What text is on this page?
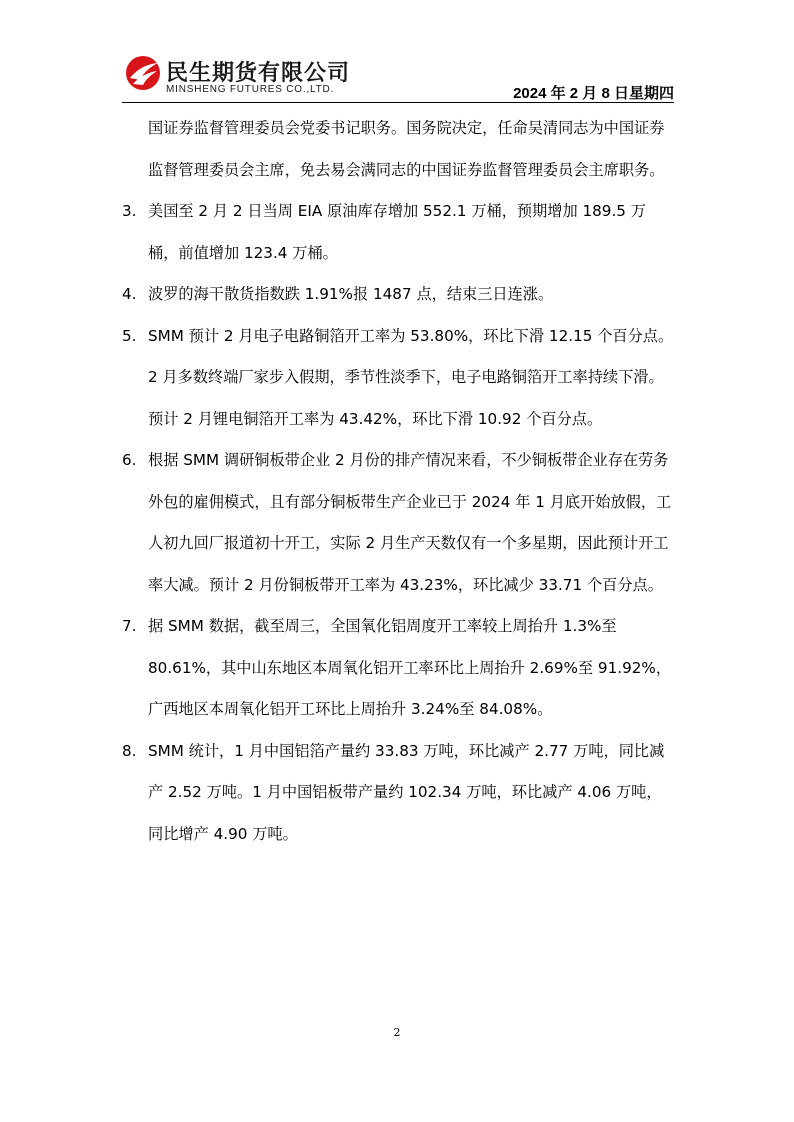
民生期货有限公司
MINSHENG FUTURES CO.,LTD.	2024 年 2 月 8 日星期四
国证券监督管理委员会党委书记职务。国务院决定，任命吴清同志为中国证券监督管理委员会主席，免去易会满同志的中国证券监督管理委员会主席职务。
3. 美国至 2 月 2 日当周 EIA 原油库存增加 552.1 万桶，预期增加 189.5 万桶，前值增加 123.4 万桶。
4. 波罗的海干散货指数跌 1.91%报 1487 点，结束三日连涨。
5. SMM 预计 2 月电子电路铜箔开工率为 53.80%，环比下滑 12.15 个百分点。2 月多数终端厂家步入假期，季节性淡季下，电子电路铜箔开工率持续下滑。预计 2 月锂电铜箔开工率为 43.42%，环比下滑 10.92 个百分点。
6. 根据 SMM 调研铜板带企业 2 月份的排产情况来看，不少铜板带企业存在劳务外包的雇佣模式，且有部分铜板带生产企业已于 2024 年 1 月底开始放假，工人初九回厂报道初十开工，实际 2 月生产天数仅有一个多星期，因此预计开工率大减。预计 2 月份铜板带开工率为 43.23%，环比减少 33.71 个百分点。
7. 据 SMM 数据，截至周三，全国氧化铝周度开工率较上周抬升 1.3%至 80.61%，其中山东地区本周氧化铝开工率环比上周抬升 2.69%至 91.92%，广西地区本周氧化铝开工环比上周抬升 3.24%至 84.08%。
8. SMM 统计，1 月中国铝箔产量约 33.83 万吨，环比减产 2.77 万吨，同比减产 2.52 万吨。1 月中国铝板带产量约 102.34 万吨，环比减产 4.06 万吨，同比增产 4.90 万吨。
2
